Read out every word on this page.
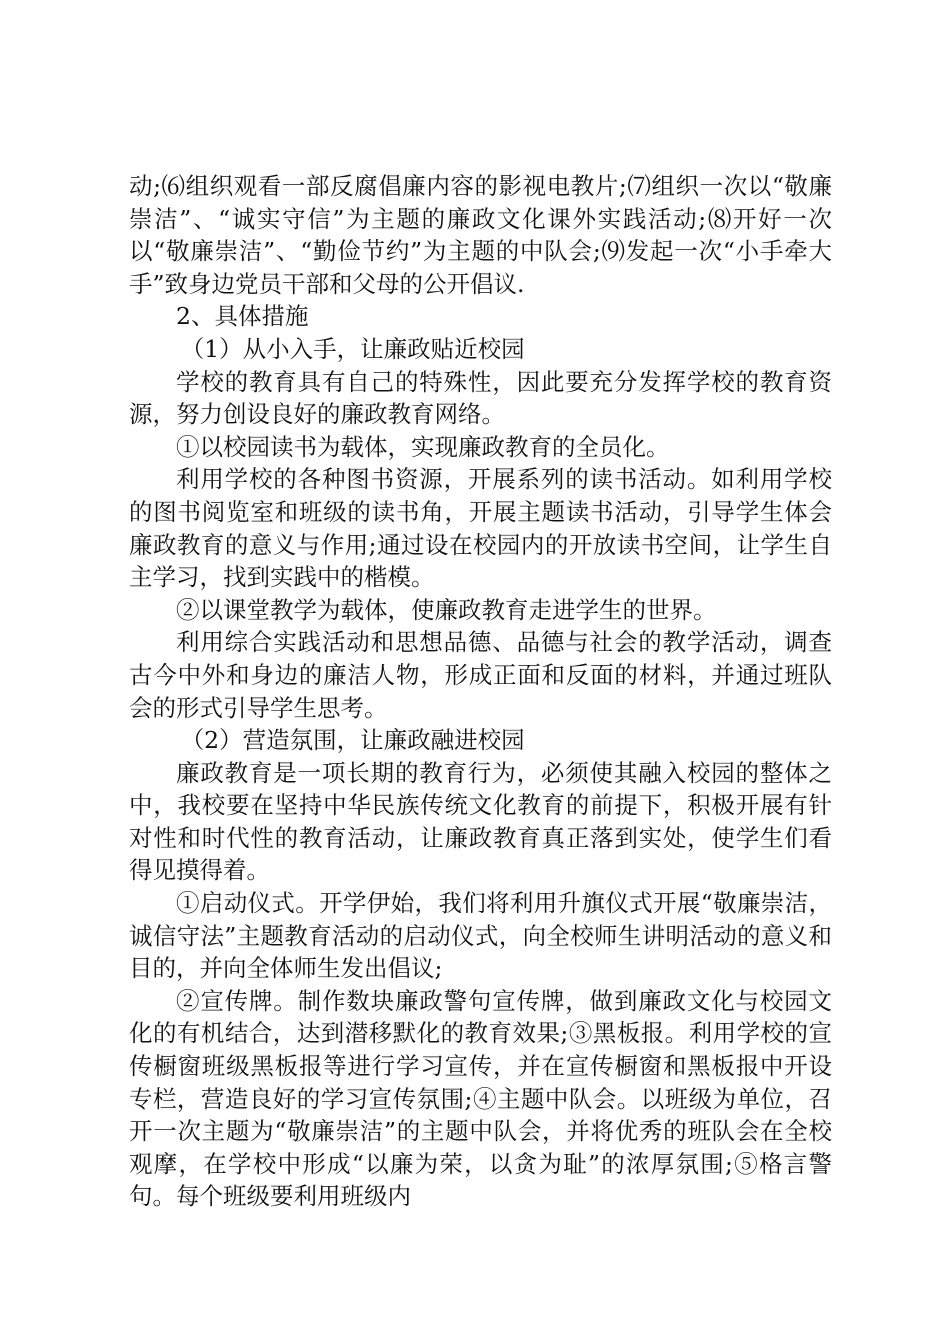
动;⑹组织观看一部反腐倡廉内容的影视电教片;⑺组织一次以“敬廉崇洁”、“诚实守信”为主题的廉政文化课外实践活动;⑻开好一次以“敬廉崇洁”、“勤俭节约”为主题的中队会;⑼发起一次“小手牵大手”致身边党员干部和父母的公开倡议.

2、具体措施

（1）从小入手，让廉政贴近校园

学校的教育具有自己的特殊性，因此要充分发挥学校的教育资源，努力创设良好的廉政教育网络。

①以校园读书为载体，实现廉政教育的全员化。

利用学校的各种图书资源，开展系列的读书活动。如利用学校的图书阅览室和班级的读书角，开展主题读书活动，引导学生体会廉政教育的意义与作用;通过设在校园内的开放读书空间，让学生自主学习，找到实践中的楷模。

②以课堂教学为载体，使廉政教育走进学生的世界。

利用综合实践活动和思想品德、品德与社会的教学活动，调查古今中外和身边的廉洁人物，形成正面和反面的材料，并通过班队会的形式引导学生思考。

（2）营造氛围，让廉政融进校园

廉政教育是一项长期的教育行为，必须使其融入校园的整体之中，我校要在坚持中华民族传统文化教育的前提下，积极开展有针对性和时代性的教育活动，让廉政教育真正落到实处，使学生们看得见摸得着。

①启动仪式。开学伊始，我们将利用升旗仪式开展“敬廉崇洁，诚信守法”主题教育活动的启动仪式，向全校师生讲明活动的意义和目的，并向全体师生发出倡议;

②宣传牌。制作数块廉政警句宣传牌，做到廉政文化与校园文化的有机结合，达到潜移默化的教育效果;③黑板报。利用学校的宣传橱窗班级黑板报等进行学习宣传，并在宣传橱窗和黑板报中开设专栏，营造良好的学习宣传氛围;④主题中队会。以班级为单位，召开一次主题为“敬廉崇洁”的主题中队会，并将优秀的班队会在全校观摩，在学校中形成“以廉为荣，以贪为耻”的浓厚氛围;⑤格言警句。每个班级要利用班级内
